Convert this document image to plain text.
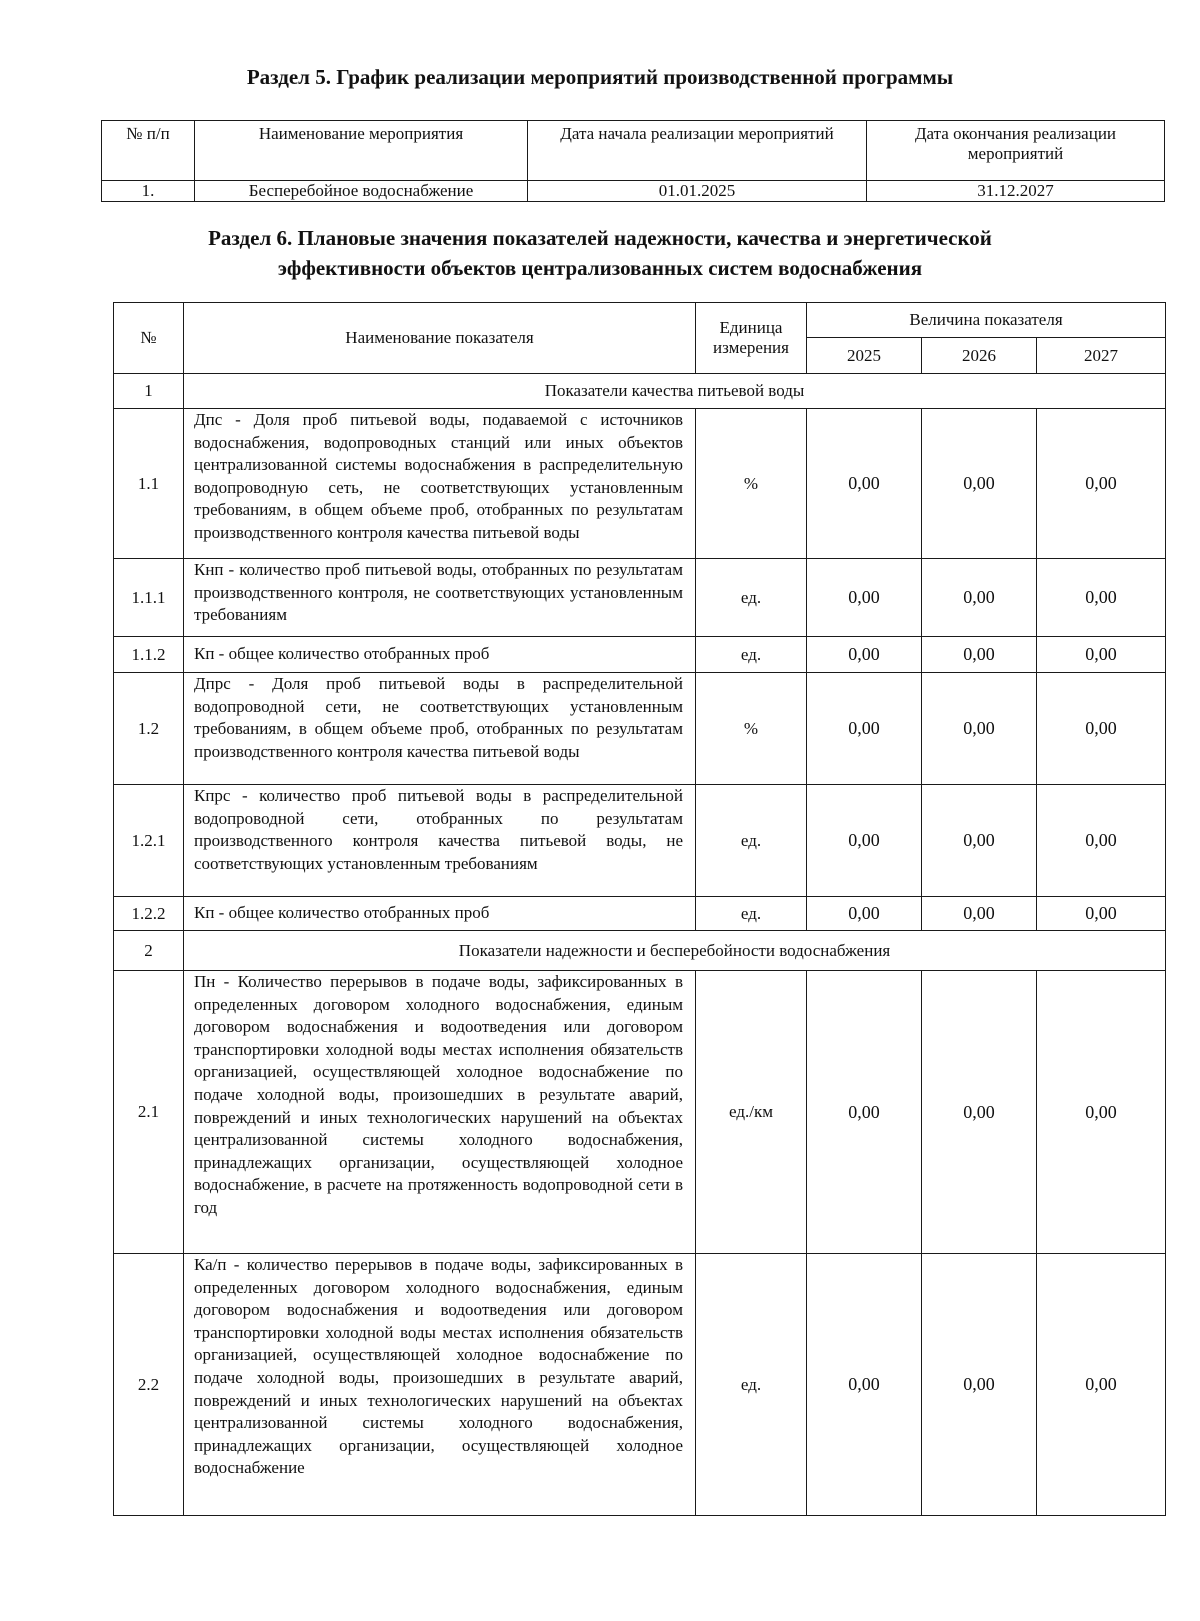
Раздел 5. График реализации мероприятий производственной программы
№ п/п	Наименование мероприятия	Дата начала реализации мероприятий	Дата окончания реализации мероприятий
1.	Бесперебойное водоснабжение	01.01.2025	31.12.2027
Раздел 6. Плановые значения показателей надежности, качества и энергетической
эффективности объектов централизованных систем водоснабжения
№	Наименование показателя	Единица измерения	Величина показателя		
			2025	2026	2027
1	Показатели качества питьевой воды				
1.1	Дпс - Доля проб питьевой воды, подаваемой с источников водоснабжения, водопроводных станций или иных объектов централизованной системы водоснабжения в распределительную водопроводную сеть, не соответствующих установленным требованиям, в общем объеме проб, отобранных по результатам производственного контроля качества питьевой воды	%	0,00	0,00	0,00
1.1.1	Кнп - количество проб питьевой воды, отобранных по результатам производственного контроля, не соответствующих установленным требованиям	ед.	0,00	0,00	0,00
1.1.2	Кп - общее количество отобранных проб	ед.	0,00	0,00	0,00
1.2	Дпрс - Доля проб питьевой воды в распределительной водопроводной сети, не соответствующих установленным требованиям, в общем объеме проб, отобранных по результатам производственного контроля качества питьевой воды	%	0,00	0,00	0,00
1.2.1	Кпрс - количество проб питьевой воды в распределительной водопроводной сети, отобранных по результатам производственного контроля качества питьевой воды, не соответствующих установленным требованиям	ед.	0,00	0,00	0,00
1.2.2	Кп - общее количество отобранных проб	ед.	0,00	0,00	0,00
2	Показатели надежности и бесперебойности водоснабжения				
2.1	Пн - Количество перерывов в подаче воды, зафиксированных в определенных договором холодного водоснабжения, единым договором водоснабжения и водоотведения или договором транспортировки холодной воды местах исполнения обязательств организацией, осуществляющей холодное водоснабжение по подаче холодной воды, произошедших в результате аварий, повреждений и иных технологических нарушений на объектах централизованной системы холодного водоснабжения, принадлежащих организации, осуществляющей холодное водоснабжение, в расчете на протяженность водопроводной сети в год	ед./км	0,00	0,00	0,00
2.2	Ка/п - количество перерывов в подаче воды, зафиксированных в определенных договором холодного водоснабжения, единым договором водоснабжения и водоотведения или договором транспортировки холодной воды местах исполнения обязательств организацией, осуществляющей холодное водоснабжение по подаче холодной воды, произошедших в результате аварий, повреждений и иных технологических нарушений на объектах централизованной системы холодного водоснабжения, принадлежащих организации, осуществляющей холодное водоснабжение	ед.	0,00	0,00	0,00
